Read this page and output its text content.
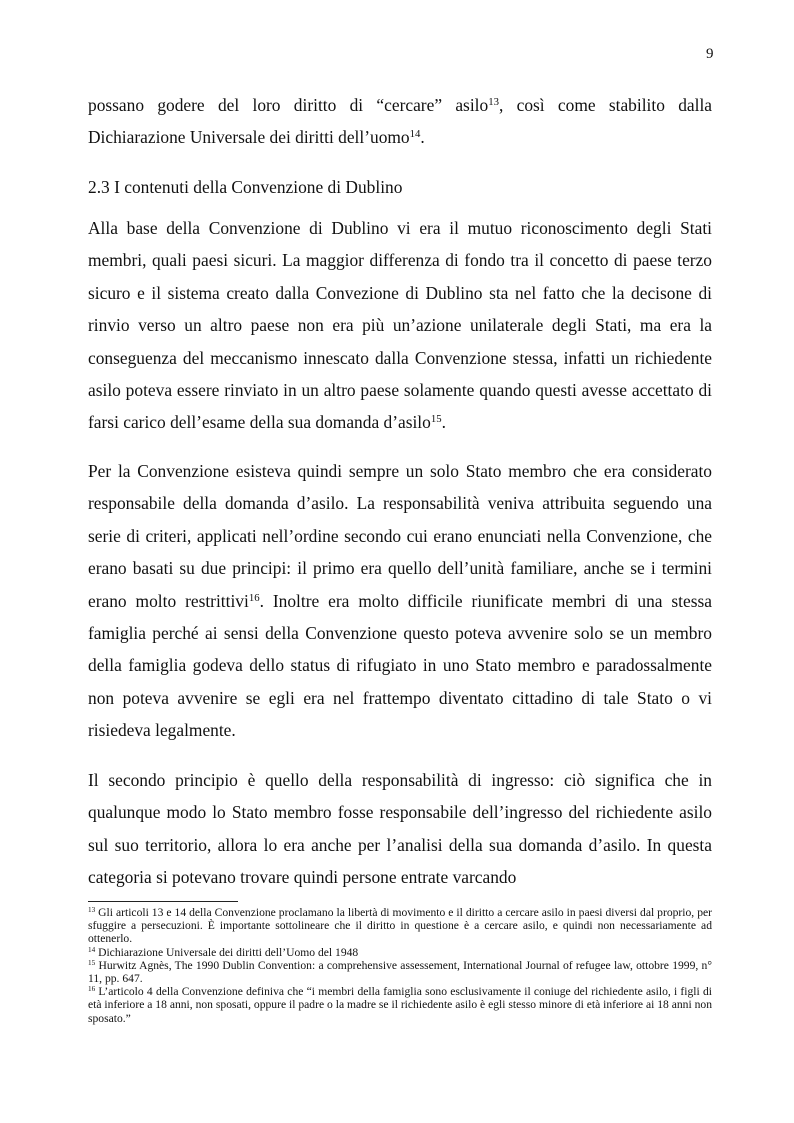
9

possano godere del loro diritto di “cercare” asilo$^{13}$, così come stabilito dalla Dichiarazione Universale dei diritti dell’uomo$^{14}$.

2.3 I contenuti della Convenzione di Dublino

Alla base della Convenzione di Dublino vi era il mutuo riconoscimento degli Stati membri, quali paesi sicuri. La maggior differenza di fondo tra il concetto di paese terzo sicuro e il sistema creato dalla Convezione di Dublino sta nel fatto che la decisone di rinvio verso un altro paese non era più un’azione unilaterale degli Stati, ma era la conseguenza del meccanismo innescato dalla Convenzione stessa, infatti un richiedente asilo poteva essere rinviato in un altro paese solamente quando questi avesse accettato di farsi carico dell’esame della sua domanda d’asilo$^{15}$.

Per la Convenzione esisteva quindi sempre un solo Stato membro che era considerato responsabile della domanda d’asilo. La responsabilità veniva attribuita seguendo una serie di criteri, applicati nell’ordine secondo cui erano enunciati nella Convenzione, che erano basati su due principi: il primo era quello dell’unità familiare, anche se i termini erano molto restrittivi$^{16}$. Inoltre era molto difficile riunificate membri di una stessa famiglia perché ai sensi della Convenzione questo poteva avvenire solo se un membro della famiglia godeva dello status di rifugiato in uno Stato membro e paradossalmente non poteva avvenire se egli era nel frattempo diventato cittadino di tale Stato o vi risiedeva legalmente.

Il secondo principio è quello della responsabilità di ingresso: ciò significa che in qualunque modo lo Stato membro fosse responsabile dell’ingresso del richiedente asilo sul suo territorio, allora lo era anche per l’analisi della sua domanda d’asilo. In questa categoria si potevano trovare quindi persone entrate varcando

$^{13}$ Gli articoli 13 e 14 della Convenzione proclamano la libertà di movimento e il diritto a cercare asilo in paesi diversi dal proprio, per sfuggire a persecuzioni. È importante sottolineare che il diritto in questione è a cercare asilo, e quindi non necessariamente ad ottenerlo.

$^{14}$ Dichiarazione Universale dei diritti dell’Uomo del 1948

$^{15}$ Hurwitz Agnès, The 1990 Dublin Convention: a comprehensive assessement, International Journal of refugee law, ottobre 1999, n° 11, pp. 647.

$^{16}$ L’articolo 4 della Convenzione definiva che “i membri della famiglia sono esclusivamente il coniuge del richiedente asilo, i figli di età inferiore a 18 anni, non sposati, oppure il padre o la madre se il richiedente asilo è egli stesso minore di età inferiore ai 18 anni non sposato.”
